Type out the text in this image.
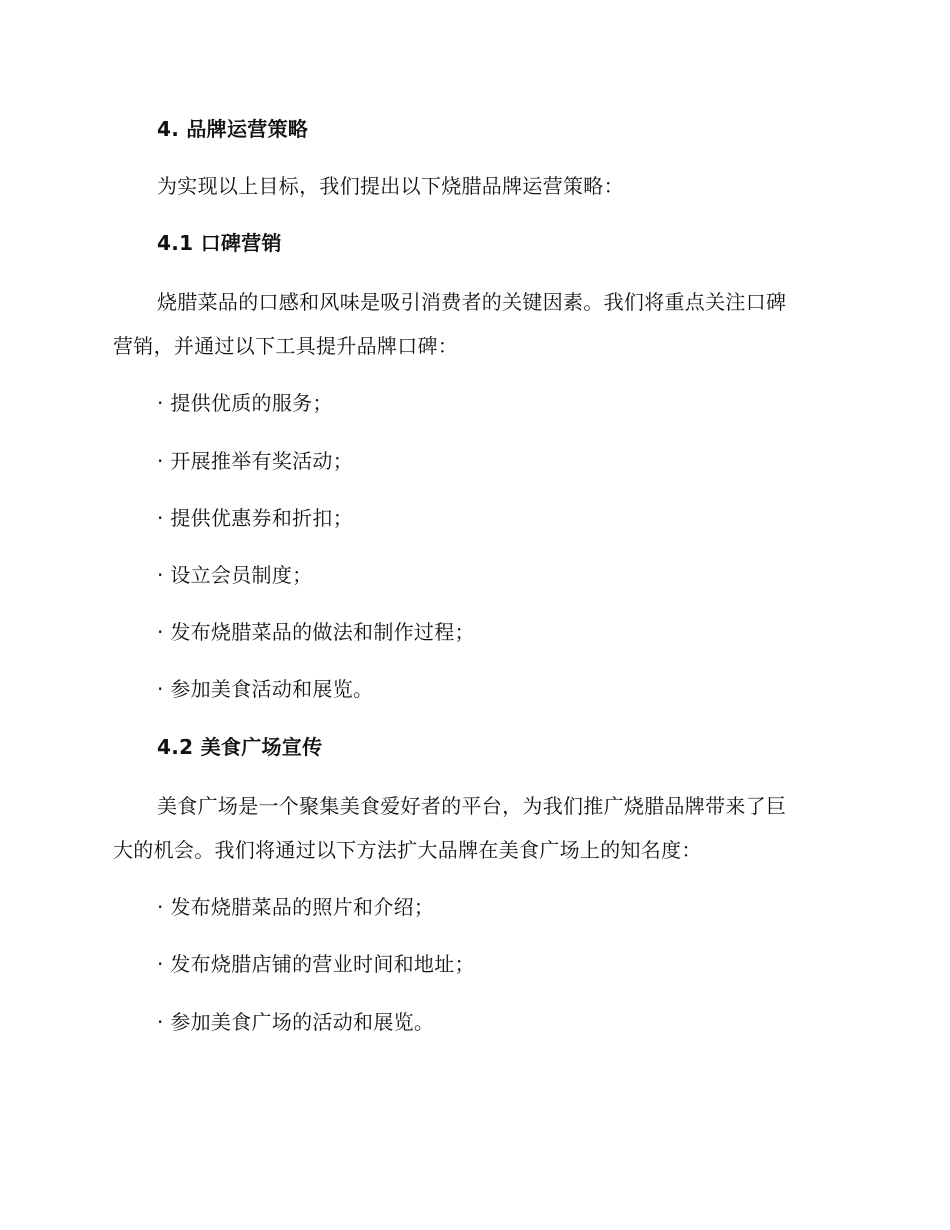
4. 品牌运营策略
为实现以上目标，我们提出以下烧腊品牌运营策略：
4.1 口碑营销
烧腊菜品的口感和风味是吸引消费者的关键因素。我们将重点关注口碑
营销，并通过以下工具提升品牌口碑：
· 提供优质的服务；
· 开展推举有奖活动；
· 提供优惠券和折扣；
· 设立会员制度；
· 发布烧腊菜品的做法和制作过程；
· 参加美食活动和展览。
4.2 美食广场宣传
美食广场是一个聚集美食爱好者的平台，为我们推广烧腊品牌带来了巨
大的机会。我们将通过以下方法扩大品牌在美食广场上的知名度：
· 发布烧腊菜品的照片和介绍；
· 发布烧腊店铺的营业时间和地址；
· 参加美食广场的活动和展览。
